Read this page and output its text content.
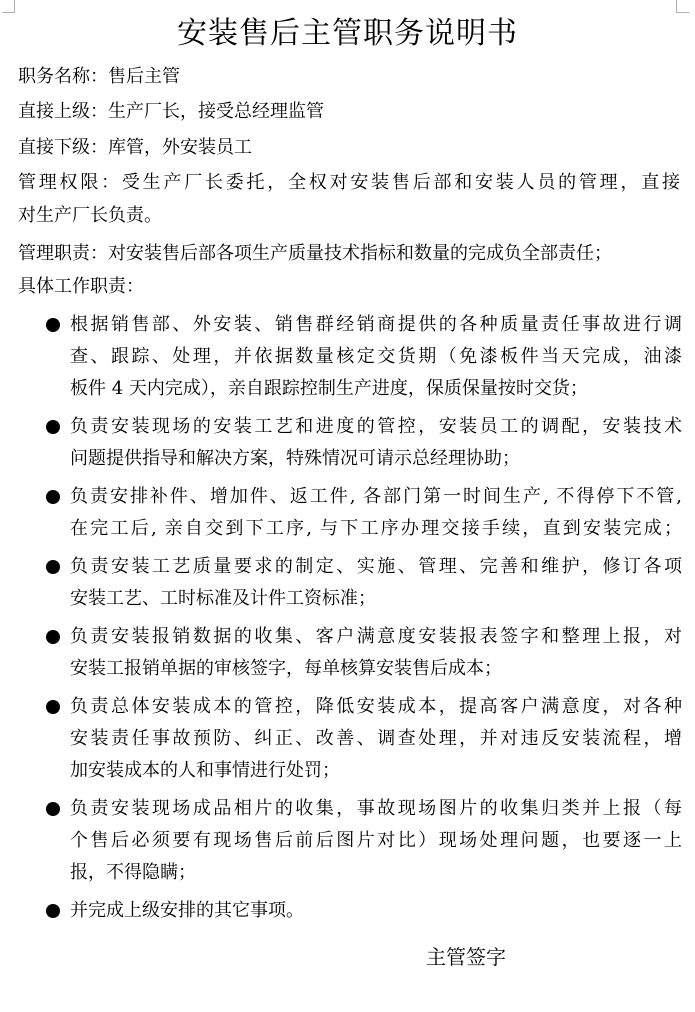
安装售后主管职务说明书
职务名称：售后主管
直接上级：生产厂长，接受总经理监管
直接下级：库管，外安装员工
管理权限：受生产厂长委托，全权对安装售后部和安装人员的管理，直接
对生产厂长负责。
管理职责：对安装售后部各项生产质量技术指标和数量的完成负全部责任；
具体工作职责：
根据销售部、外安装、销售群经销商提供的各种质量责任事故进行调
查、跟踪、处理，并依据数量核定交货期（免漆板件当天完成，油漆
板件 4 天内完成），亲自跟踪控制生产进度，保质保量按时交货；
负责安装现场的安装工艺和进度的管控，安装员工的调配，安装技术
问题提供指导和解决方案，特殊情况可请示总经理协助；
负责安排补件、增加件、返工件, 各部门第一时间生产, 不得停下不管,
在完工后, 亲自交到下工序, 与下工序办理交接手续，直到安装完成；
负责安装工艺质量要求的制定、实施、管理、完善和维护，修订各项
安装工艺、工时标准及计件工资标准；
负责安装报销数据的收集、客户满意度安装报表签字和整理上报，对
安装工报销单据的审核签字，每单核算安装售后成本；
负责总体安装成本的管控，降低安装成本，提高客户满意度，对各种
安装责任事故预防、纠正、改善、调查处理，并对违反安装流程，增
加安装成本的人和事情进行处罚；
负责安装现场成品相片的收集，事故现场图片的收集归类并上报（每
个售后必须要有现场售后前后图片对比）现场处理问题，也要逐一上
报，不得隐瞒；
并完成上级安排的其它事项。
主管签字
